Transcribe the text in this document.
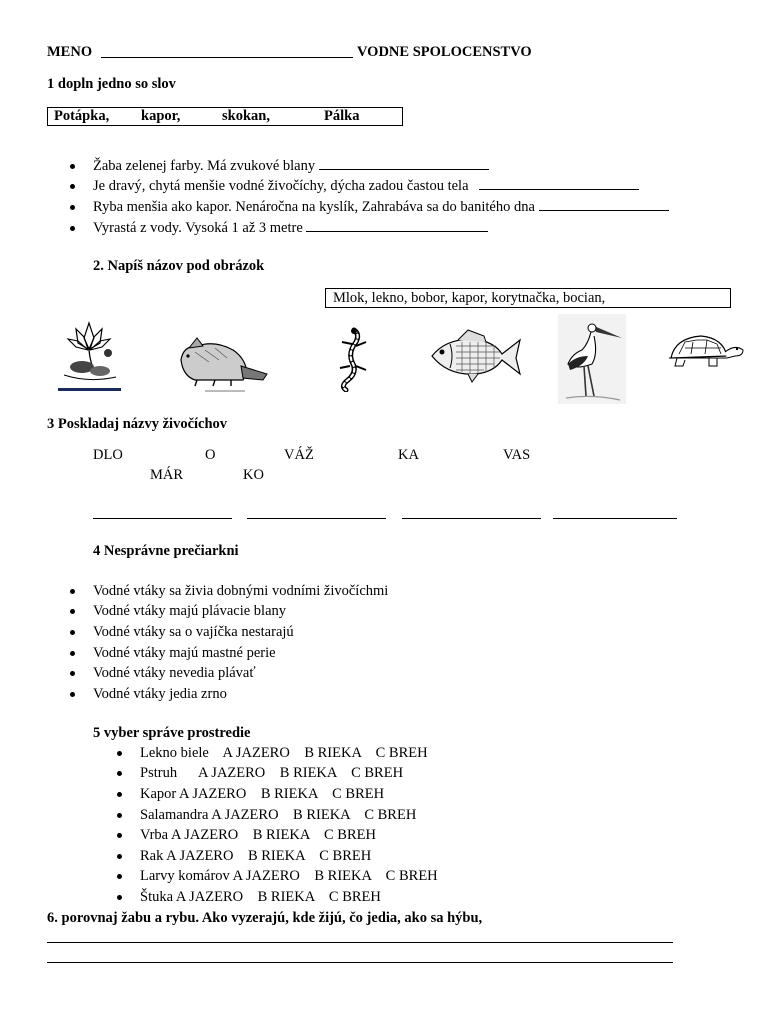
MENO	VODNE SPOLOCENSTVO
1 dopln jedno so slov
Potápka, kapor,	skokan,	Pálka
Žaba zelenej farby. Má zvukové blany
Je dravý, chytá menšie vodné živočíchy, dýcha zadou častou tela
Ryba menšia ako kapor. Nenáročna na kyslík, Zahrabáva sa do banitého dna
Vyrastá z vody. Vysoká 1 až 3 metre
2. Napíš názov pod obrázok
Mlok, lekno, bobor, kapor, korytnačka, bocian,
3 Poskladaj názvy živočíchov
DLO	O	VÁŽ	KA	VAS
MÁR	KO
4 Nesprávne prečiarkni
Vodné vtáky sa živia dobnými vodními živočíchmi
Vodné vtáky majú plávacie blany
Vodné vtáky sa o vajíčka nestarajú
Vodné vtáky majú mastné perie
Vodné vtáky nevedia plávať
Vodné vtáky jedia zrno
5 vyber správe prostredie
Lekno biele    A JAZERO    B RIEKA    C BREH
Pstruh      A JAZERO    B RIEKA    C BREH
Kapor A JAZERO    B RIEKA    C BREH
Salamandra A JAZERO    B RIEKA    C BREH
Vrba A JAZERO    B RIEKA    C BREH
Rak A JAZERO    B RIEKA    C BREH
Larvy komárov A JAZERO    B RIEKA    C BREH
Štuka A JAZERO    B RIEKA    C BREH
6. porovnaj žabu a rybu. Ako vyzerajú, kde žijú, čo jedia, ako sa hýbu,
